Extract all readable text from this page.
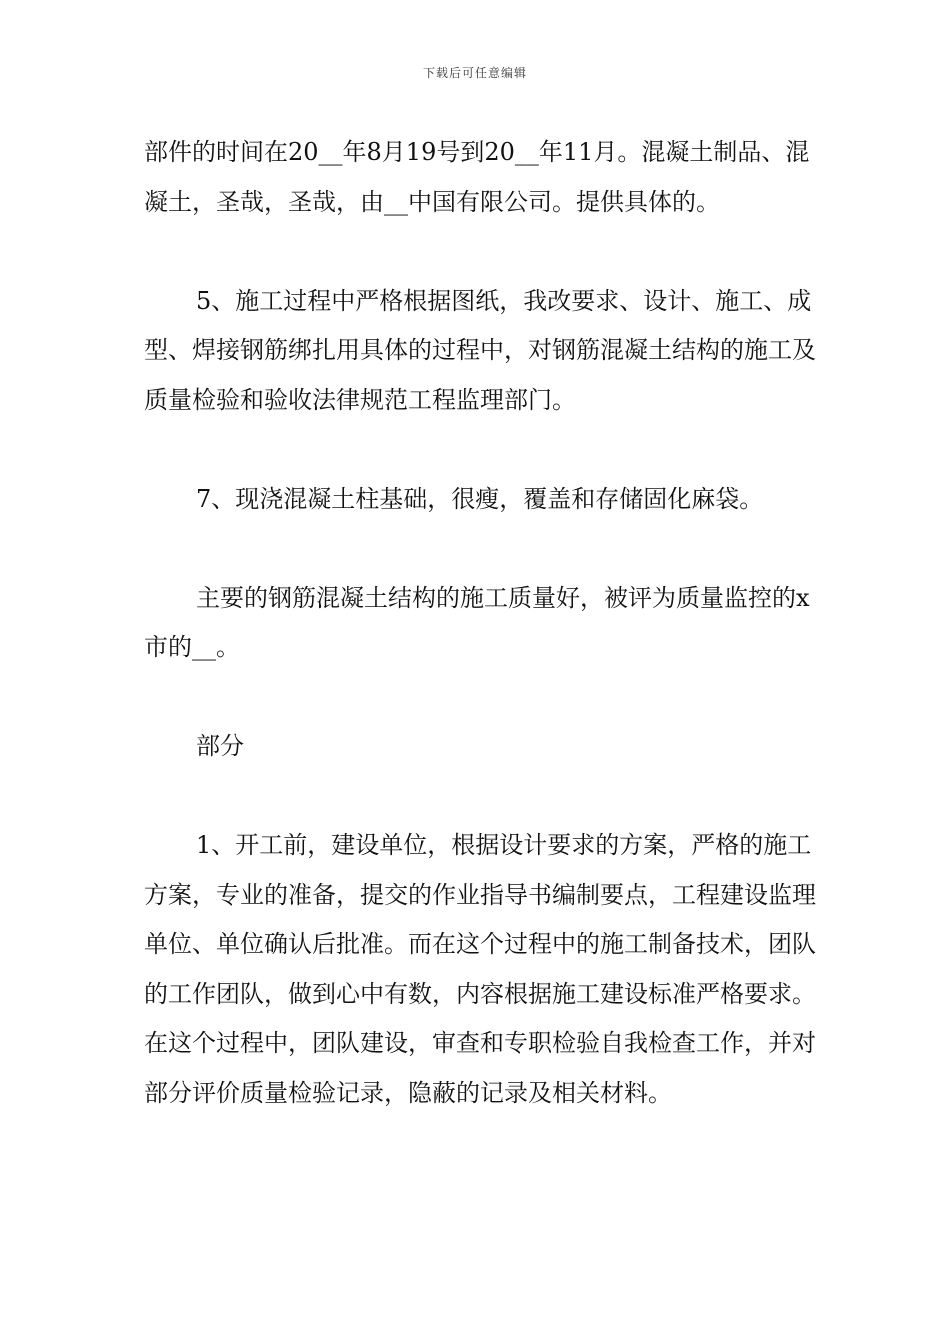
下载后可任意编辑

部件的时间在20__年8月19号到20__年11月。混凝土制品、混凝土，圣哉，圣哉，由__中国有限公司。提供具体的。

5、施工过程中严格根据图纸，我改要求、设计、施工、成型、焊接钢筋绑扎用具体的过程中，对钢筋混凝土结构的施工及质量检验和验收法律规范工程监理部门。

7、现浇混凝土柱基础，很瘦，覆盖和存储固化麻袋。

主要的钢筋混凝土结构的施工质量好，被评为质量监控的x市的__。

部分

1、开工前，建设单位，根据设计要求的方案，严格的施工方案，专业的准备，提交的作业指导书编制要点，工程建设监理单位、单位确认后批准。而在这个过程中的施工制备技术，团队的工作团队，做到心中有数，内容根据施工建设标准严格要求。在这个过程中，团队建设，审查和专职检验自我检查工作，并对部分评价质量检验记录，隐蔽的记录及相关材料。
